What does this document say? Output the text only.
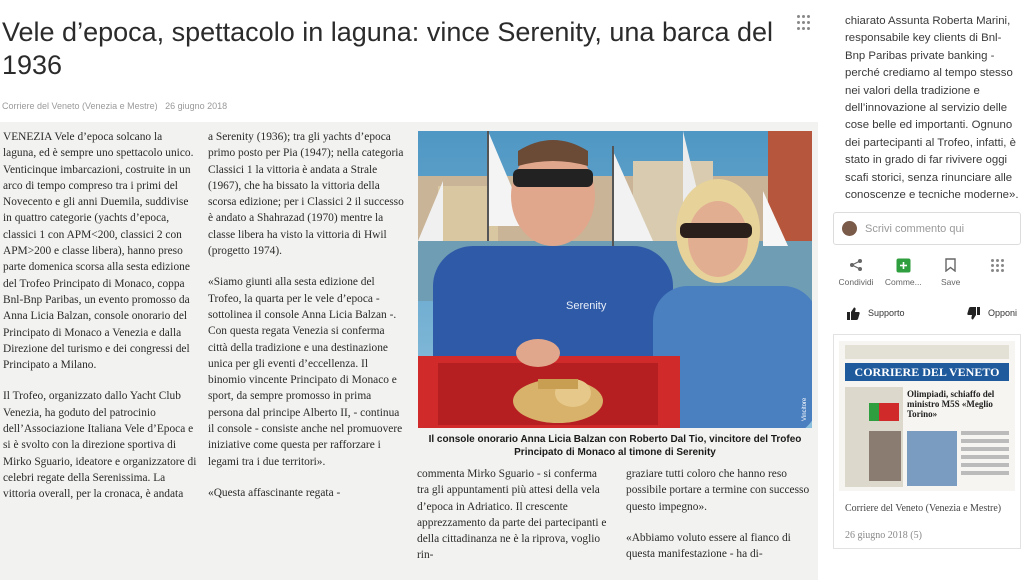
Vele d’epoca, spettacolo in laguna: vince Serenity, una barca del 1936
Corriere del Veneto (Venezia e Mestre) 26 giugno 2018

VENEZIA Vele d’epoca solcano la laguna, ed è sempre uno spettacolo unico. Venticinque imbarcazioni, costruite in un arco di tempo compreso tra i primi del Novecento e gli anni Duemila, suddivise in quattro categorie (yachts d’epoca, classici 1 con APM<200, classici 2 con APM>200 e classe libera), hanno preso parte domenica scorsa alla sesta edizione del Trofeo Principato di Monaco, coppa Bnl-Bnp Paribas, un evento promosso da Anna Licia Balzan, console onorario del Principato di Monaco a Venezia e dalla Direzione del turismo e dei congressi del Principato a Milano.

Il Trofeo, organizzato dallo Yacht Club Venezia, ha goduto del patrocinio dell’Associazione Italiana Vele d’Epoca e si è svolto con la direzione sportiva di Mirko Sguario, ideatore e organizzatore di celebri regate della Serenissima. La vittoria overall, per la cronaca, è andata

a Serenity (1936); tra gli yachts d’epoca primo posto per Pia (1947); nella categoria Classici 1 la vittoria è andata a Strale (1967), che ha bissato la vittoria della scorsa edizione; per i Classici 2 il successo è andato a Shahrazad (1970) mentre la classe libera ha visto la vittoria di Hwil (progetto 1974).

«Siamo giunti alla sesta edizione del Trofeo, la quarta per le vele d’epoca - sottolinea il console Anna Licia Balzan -. Con questa regata Venezia si conferma città della tradizione e una destinazione unica per gli eventi d’eccellenza. Il binomio vincente Principato di Monaco e sport, da sempre promosso in prima persona dal principe Alberto II, - continua il console - consiste anche nel promuovere iniziative come questa per rafforzare i legami tra i due territori».

«Questa affascinante regata -

Serenity
Vincitore
Il console onorario Anna Licia Balzan con Roberto Dal Tio, vincitore del Trofeo Principato di Monaco al timone di Serenity

commenta Mirko Sguario - si conferma tra gli appuntamenti più attesi della vela d’epoca in Adriatico. Il crescente apprezzamento da parte dei partecipanti e della cittadinanza ne è la riprova, voglio rin-

graziare tutti coloro che hanno reso possibile portare a termine con successo questo impegno».

«Abbiamo voluto essere al fianco di questa manifestazione - ha di-

chiarato Assunta Roberta Marini, responsabile key clients di Bnl-Bnp Paribas private banking - perché crediamo al tempo stesso nei valori della tradizione e dell’innovazione al servizio delle cose belle ed importanti. Ognuno dei partecipanti al Trofeo, infatti, è stato in grado di far rivivere oggi scafi storici, senza rinunciare alle conoscenze e tecniche moderne».
Scrivi commento qui
Condividi Comme... Save
Supporto	Opponi
CORRIERE DEL VENETO
Olimpiadi, schiaffo del ministro M5S «Meglio Torino»
Corriere del Veneto (Venezia e Mestre)
26 giugno 2018 (5)
